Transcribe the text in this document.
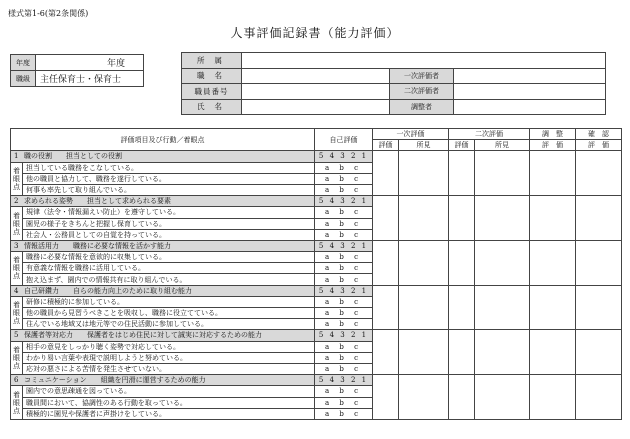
様式第1-6(第2条関係)
人事評価記録書（能力評価）
年度	年度
職級	主任保育士・保育士
所属			
職名		一次評価者	
職員番号		二次評価者	
氏名		調整者	
評価項目及び行動／着眼点		自己評価	一次評価		二次評価		調　整	確　認
			評価	所見	評価	所見	評　価	評　価
1 職の役割　　担当としての役割		5 4 3 2 1						
着眼点	担当している職務をこなしている。	a b c						
	他の職員と協力して、職務を遂行している。	a b c						
	何事も率先して取り組んでいる。	a b c						
2 求められる姿勢　　担当として求められる要素		5 4 3 2 1						
着眼点	規律（法令・情報漏えい防止）を遵守している。	a b c						
	園児の様子をきちんと把握し保育している。	a b c						
	社会人・公務員としての自覚を持っている。	a b c						
3 情報活用力　　職務に必要な情報を活かす能力		5 4 3 2 1						
着眼点	職務に必要な情報を意欲的に収集している。	a b c						
	有意義な情報を職務に活用している。	a b c						
	抱え込まず、園内での情報共有に取り組んでいる。	a b c						
4 自己研鑽力　　自らの能力向上のために取り組む能力		5 4 3 2 1						
着眼点	研修に積極的に参加している。	a b c						
	他の職員から見習うべきことを吸収し、職務に役立てている。	a b c						
	住んでいる地域又は地元等での住民活動に参加している。	a b c						
5 保護者等対応力　　保護者をはじめ住民に対して誠実に対応するための能力		5 4 3 2 1						
着眼点	相手の意見をしっかり聴く姿勢で対応している。	a b c						
	わかり易い言葉や表現で説明しようと努めている。	a b c						
	応対の悪さによる苦情を発生させていない。	a b c						
6 コミュニケーション　　組織を円滑に運営するための能力		5 4 3 2 1						
着眼点	園内での意思疎通を図っている。	a b c						
	職員間において、協調性のある行動を取っている。	a b c						
	積極的に園児や保護者に声掛けをしている。	a b c						
